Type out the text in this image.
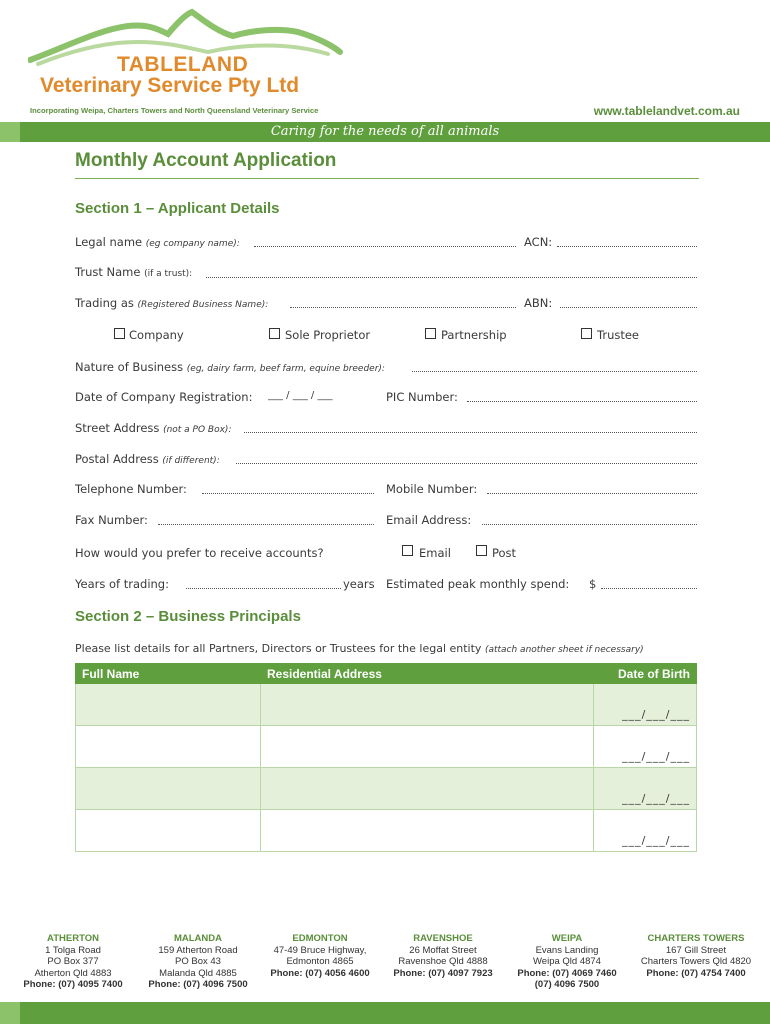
TABLELAND
Veterinary Service Pty Ltd
Incorporating Weipa, Charters Towers and North Queensland Veterinary Service	www.tablelandvet.com.au
Caring for the needs of all animals
Monthly Account Application
Section 1 – Applicant Details
Legal name (eg company name):	ACN:
Trust Name (if a trust):
Trading as (Registered Business Name):	ABN:
Company	Sole Proprietor	Partnership	Trustee
Nature of Business (eg, dairy farm, beef farm, equine breeder):
Date of Company Registration: ___ / ___ / ___	PIC Number:
Street Address (not a PO Box):
Postal Address (if different):
Telephone Number:	Mobile Number:
Fax Number:	Email Address:
How would you prefer to receive accounts?	Email	Post
Years of trading:	years Estimated peak monthly spend: $
Section 2 – Business Principals
Please list details for all Partners, Directors or Trustees for the legal entity (attach another sheet if necessary)
Full Name	Residential Address	Date of Birth
		___/___/___
		___/___/___
		___/___/___
		___/___/___
ATHERTON
1 Tolga Road
PO Box 377
Atherton Qld 4883
Phone: (07) 4095 7400
MALANDA
159 Atherton Road
PO Box 43
Malanda Qld 4885
Phone: (07) 4096 7500
EDMONTON
47-49 Bruce Highway,
Edmonton 4865
Phone: (07) 4056 4600
RAVENSHOE
26 Moffat Street
Ravenshoe Qld 4888
Phone: (07) 4097 7923
WEIPA
Evans Landing
Weipa Qld 4874
Phone: (07) 4069 7460
(07) 4096 7500
CHARTERS TOWERS
167 Gill Street
Charters Towers Qld 4820
Phone: (07) 4754 7400
